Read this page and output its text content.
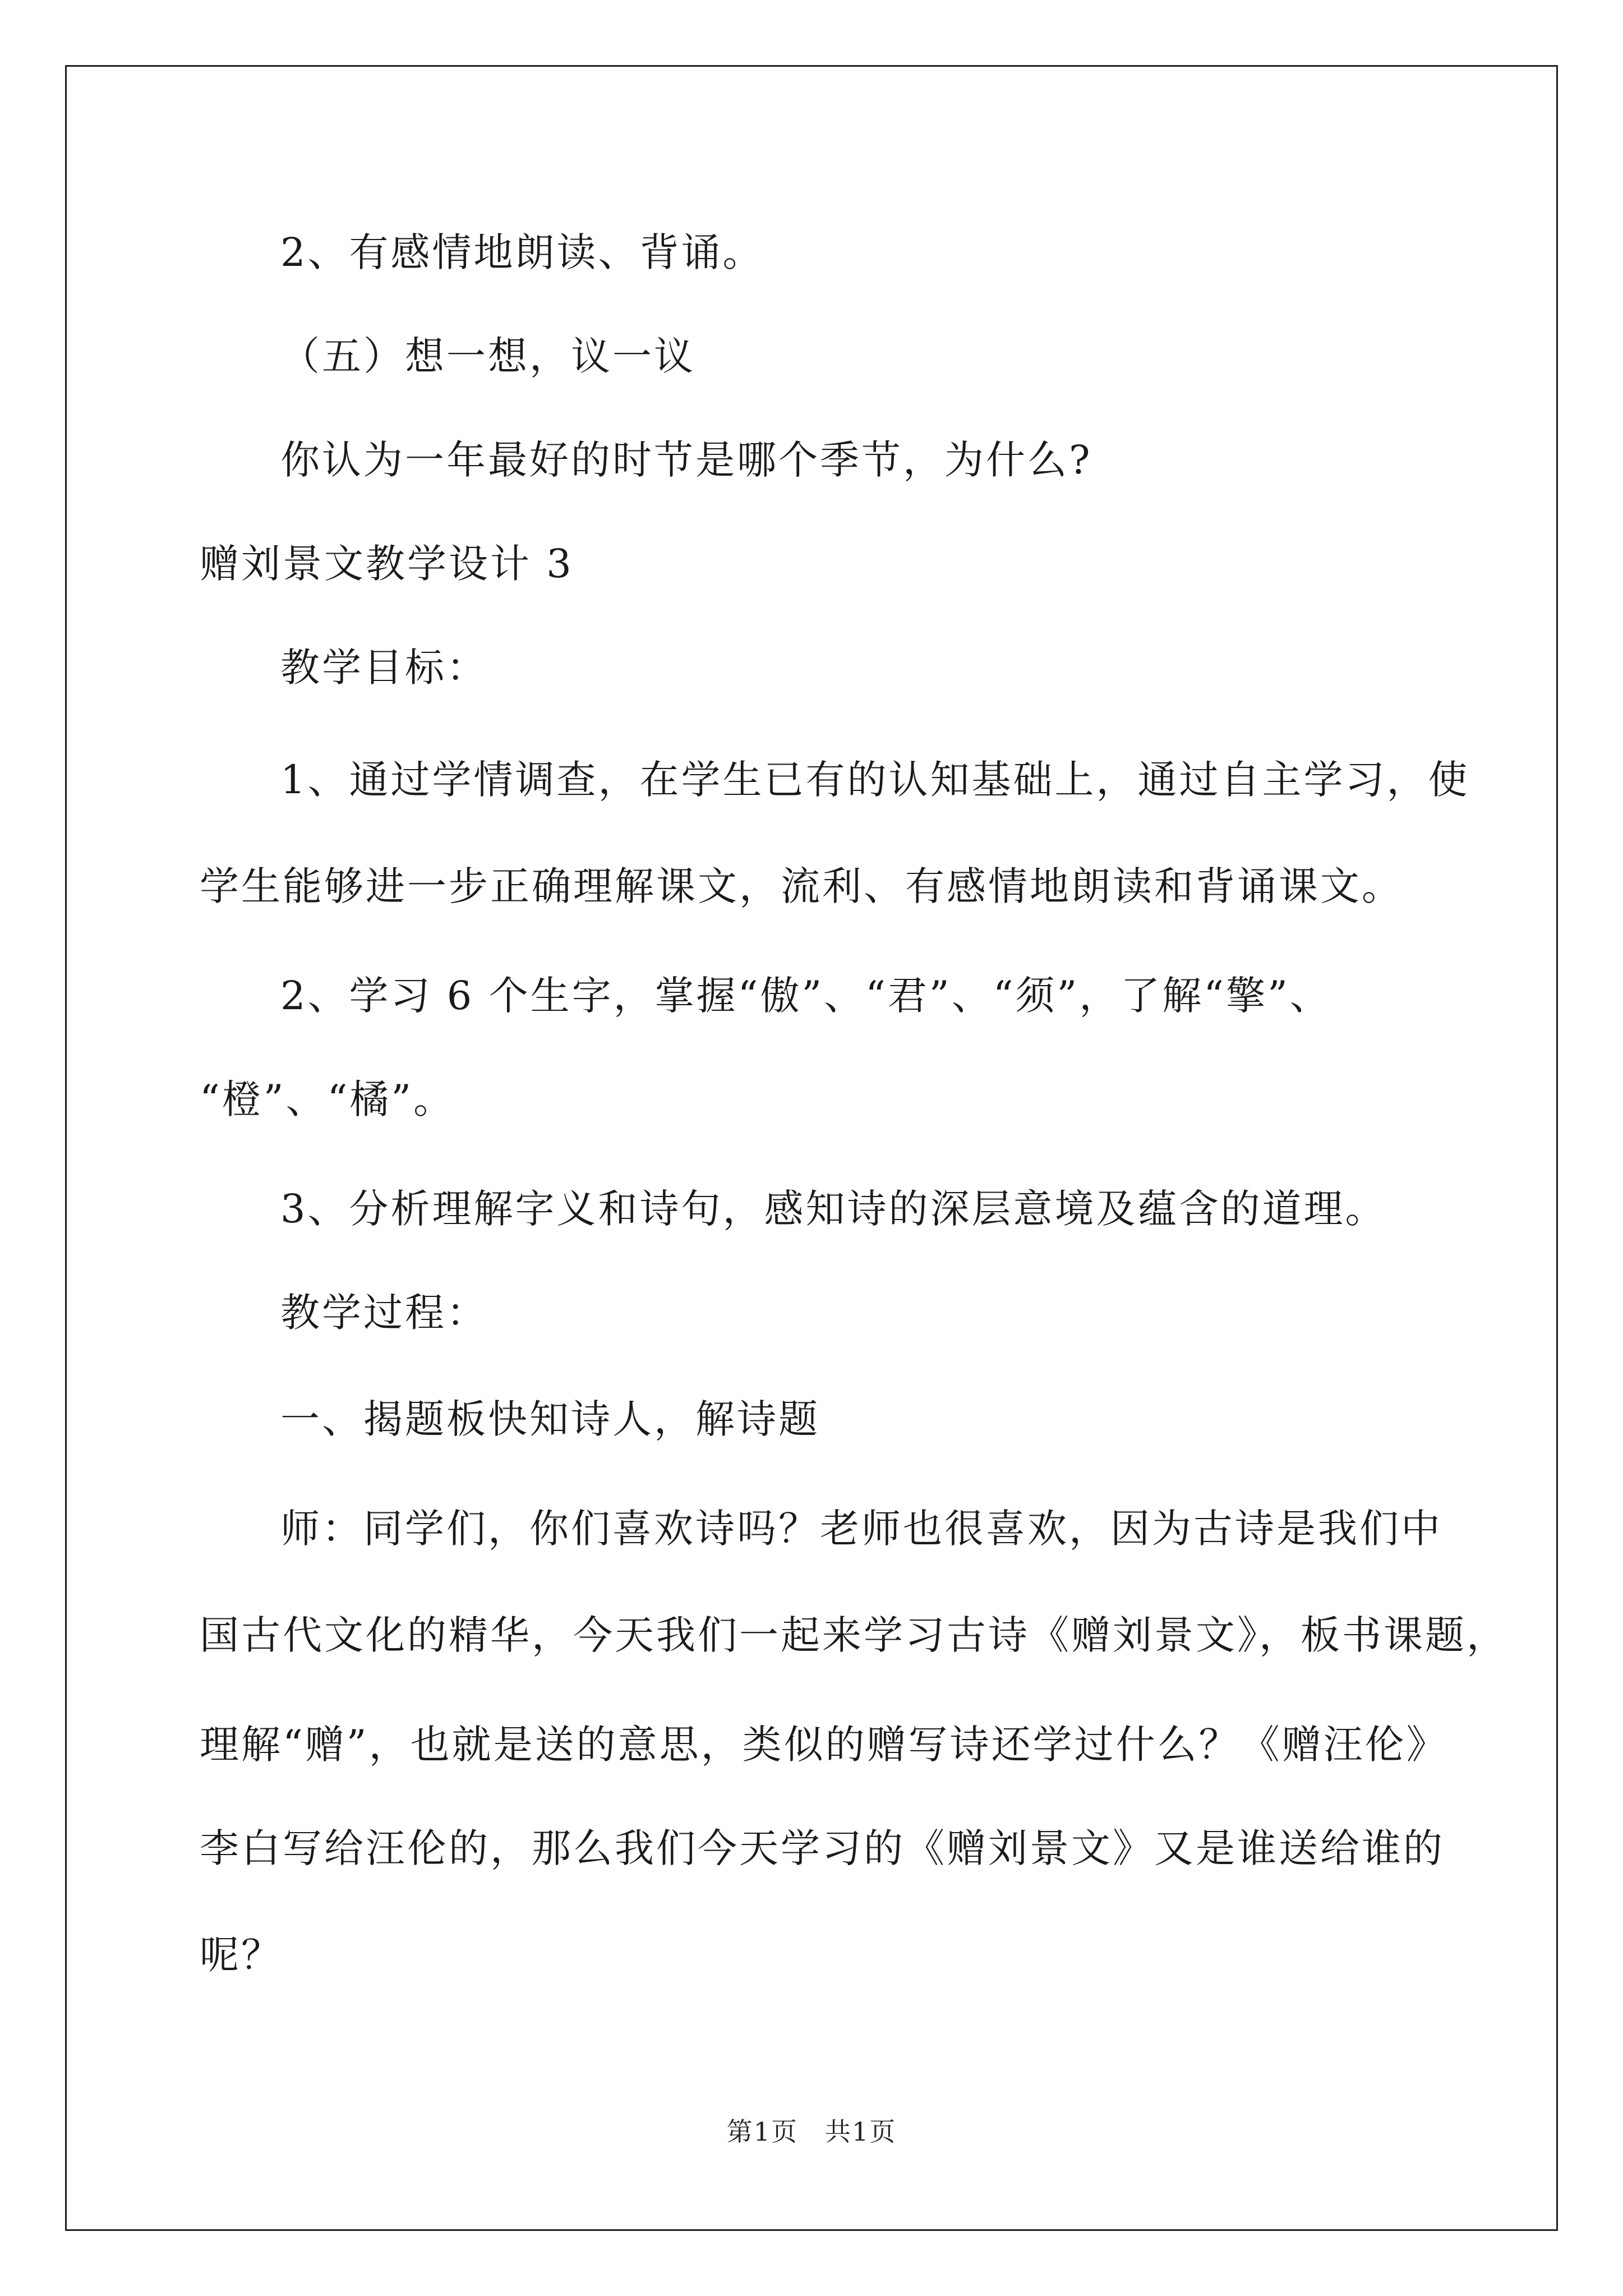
2、有感情地朗读、背诵。
（五）想一想，议一议
你认为一年最好的时节是哪个季节，为什么?
赠刘景文教学设计 3
教学目标：
1、通过学情调查，在学生已有的认知基础上，通过自主学习，使
学生能够进一步正确理解课文，流利、有感情地朗读和背诵课文。
2、学习 6 个生字，掌握“傲”、“君”、“须”，了解“擎”、
“橙”、“橘”。
3、分析理解字义和诗句，感知诗的深层意境及蕴含的道理。
教学过程：
一、揭题板快知诗人，解诗题
师：同学们，你们喜欢诗吗？老师也很喜欢，因为古诗是我们中
国古代文化的精华，今天我们一起来学习古诗《赠刘景文》，板书课题，
理解“赠”，也就是送的意思，类似的赠写诗还学过什么？《赠汪伦》
李白写给汪伦的，那么我们今天学习的《赠刘景文》又是谁送给谁的
呢？
第1页　共1页
